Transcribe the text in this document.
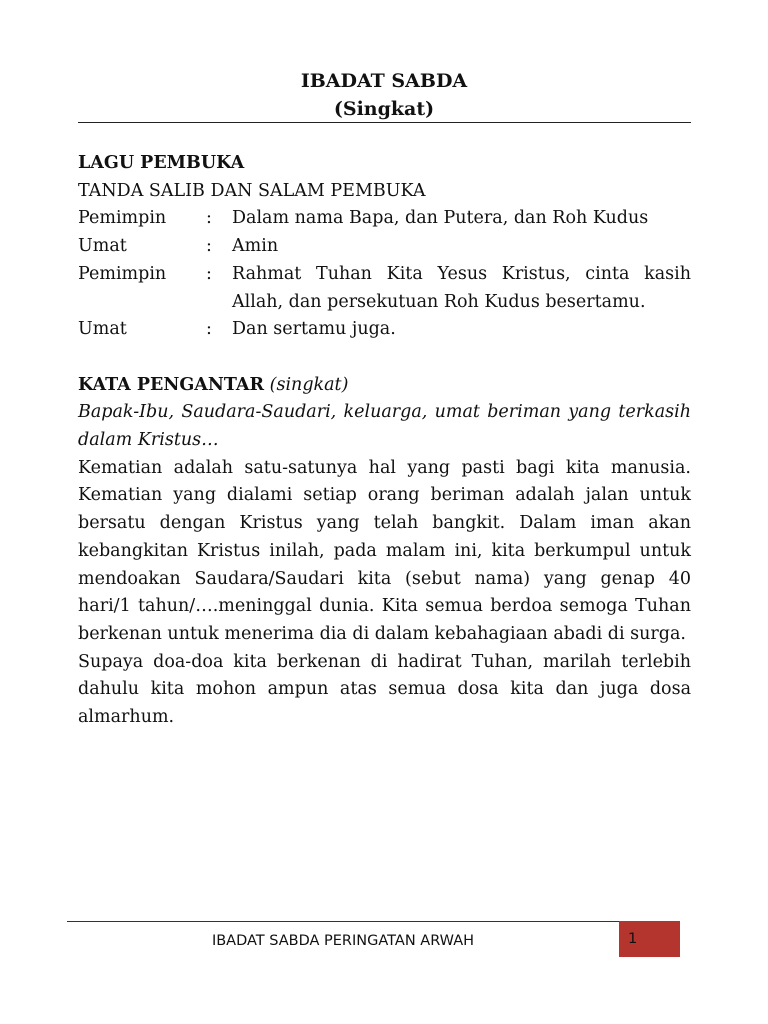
IBADAT SABDA
(Singkat)
LAGU PEMBUKA
TANDA SALIB DAN SALAM PEMBUKA
Pemimpin	:	Dalam nama Bapa, dan Putera, dan Roh Kudus
Umat	:	Amin
Pemimpin	:	Rahmat Tuhan Kita Yesus Kristus, cinta kasih Allah, dan persekutuan Roh Kudus besertamu.
Umat	:	Dan sertamu juga.
KATA PENGANTAR (singkat)

Bapak-Ibu, Saudara-Saudari, keluarga, umat beriman yang terkasih dalam Kristus…

Kematian adalah satu-satunya hal yang pasti bagi kita manusia. Kematian yang dialami setiap orang beriman adalah jalan untuk bersatu dengan Kristus yang telah bangkit. Dalam iman akan kebangkitan Kristus inilah, pada malam ini, kita berkumpul untuk mendoakan Saudara/Saudari kita (sebut nama) yang genap 40 hari/1 tahun/….meninggal dunia. Kita semua berdoa semoga Tuhan berkenan untuk menerima dia di dalam kebahagiaan abadi di surga.

Supaya doa-doa kita berkenan di hadirat Tuhan, marilah terlebih dahulu kita mohon ampun atas semua dosa kita dan juga dosa almarhum.

IBADAT SABDA PERINGATAN ARWAH	1
